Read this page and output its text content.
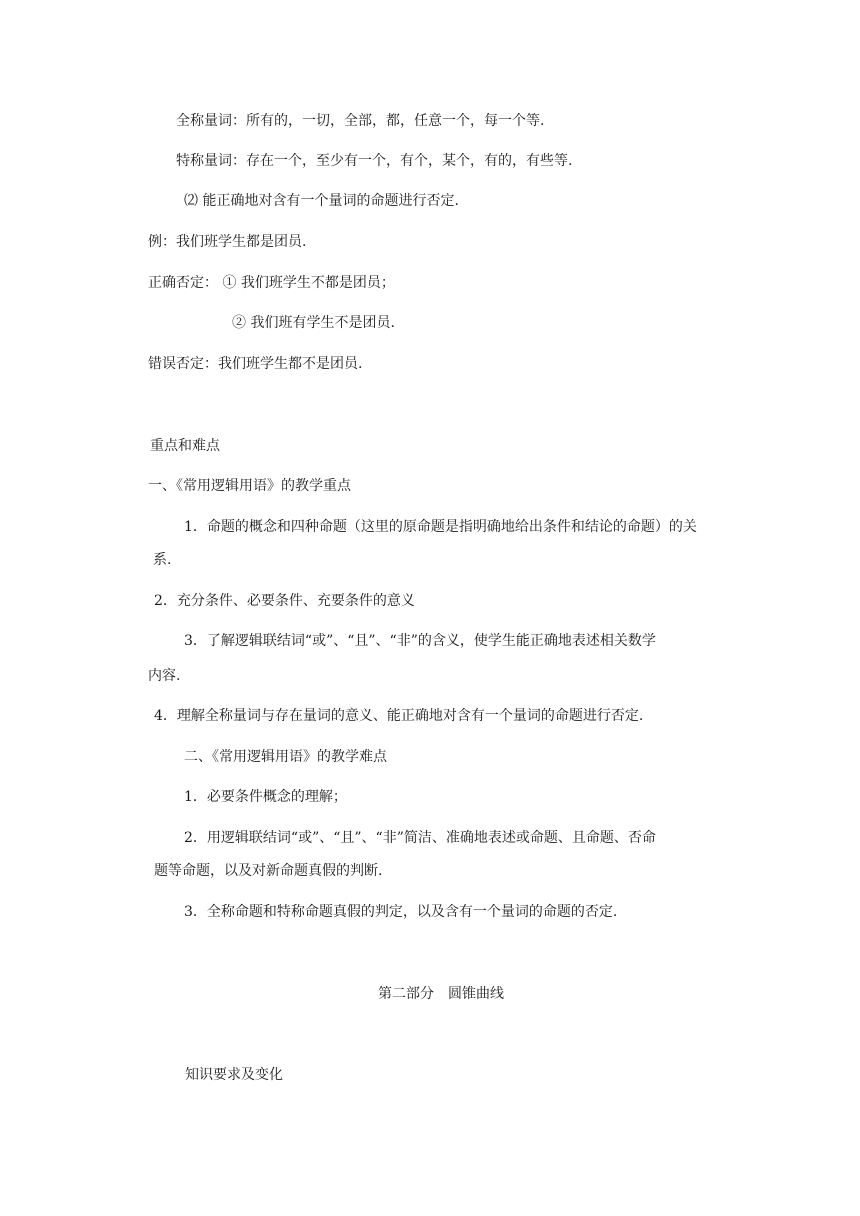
全称量词：所有的，一切，全部，都，任意一个，每一个等.
特称量词：存在一个，至少有一个，有个，某个，有的，有些等.
⑵ 能正确地对含有一个量词的命题进行否定.
例：我们班学生都是团员.
正确否定： ① 我们班学生不都是团员；
② 我们班有学生不是团员.
错误否定：我们班学生都不是团员.
重点和难点
一、《常用逻辑用语》的教学重点
1．命题的概念和四种命题（这里的原命题是指明确地给出条件和结论的命题）的关
系.
2．充分条件、必要条件、充要条件的意义
3．了解逻辑联结词“或”、“且”、“非”的含义，使学生能正确地表述相关数学
内容.
4．理解全称量词与存在量词的意义、能正确地对含有一个量词的命题进行否定.
二、《常用逻辑用语》的教学难点
1．必要条件概念的理解；
2．用逻辑联结词“或”、“且”、“非”简洁、准确地表述或命题、且命题、否命
题等命题，以及对新命题真假的判断.
3．全称命题和特称命题真假的判定，以及含有一个量词的命题的否定.
第二部分　圆锥曲线
知识要求及变化
